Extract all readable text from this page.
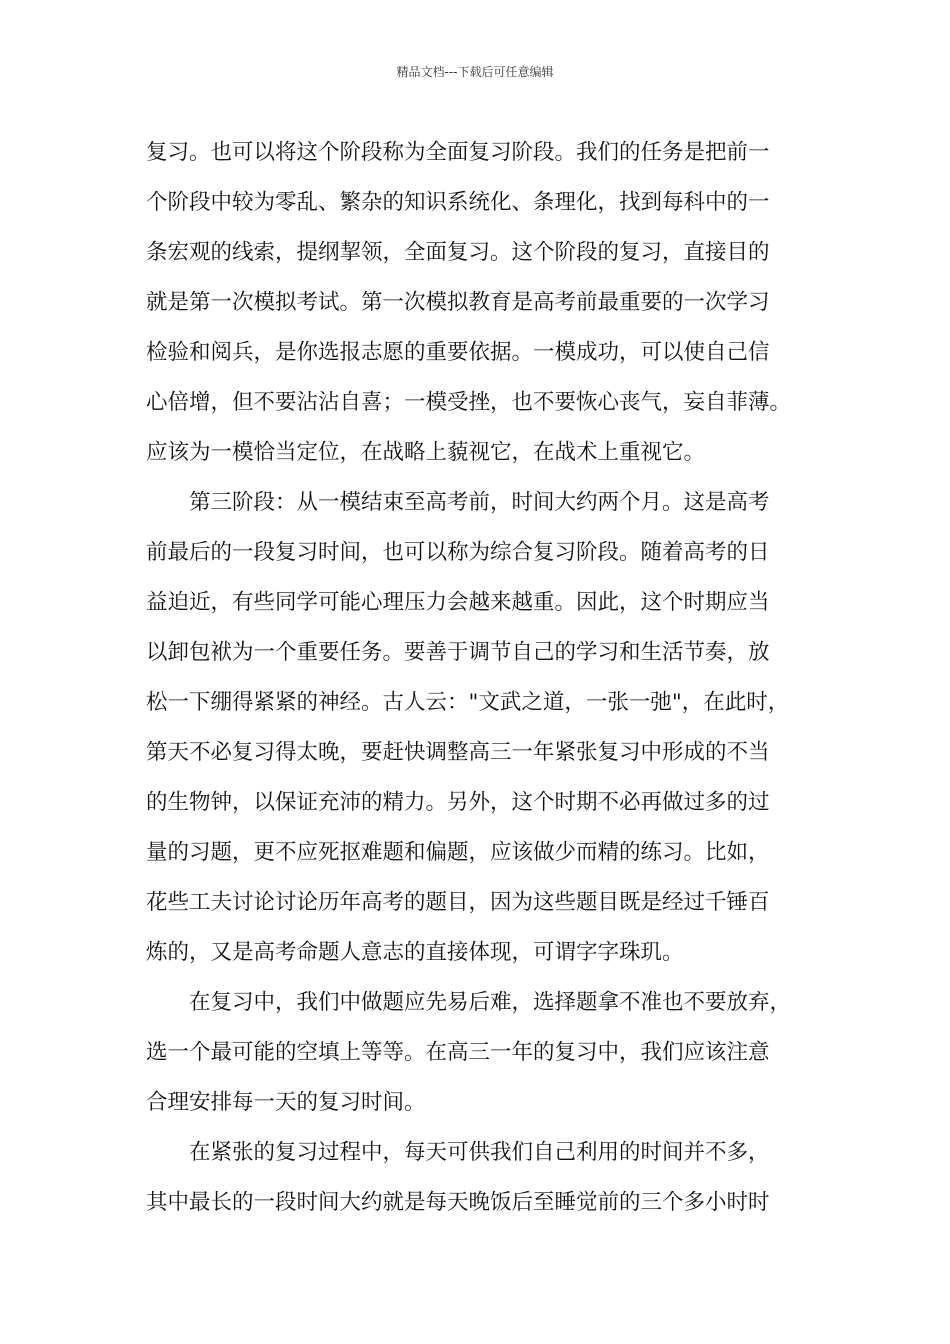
精品文档---下载后可任意编辑
复习。也可以将这个阶段称为全面复习阶段。我们的任务是把前一
个阶段中较为零乱、繁杂的知识系统化、条理化，找到每科中的一
条宏观的线索，提纲挈领，全面复习。这个阶段的复习，直接目的
就是第一次模拟考试。第一次模拟教育是高考前最重要的一次学习
检验和阅兵，是你选报志愿的重要依据。一模成功，可以使自己信
心倍增，但不要沾沾自喜；一模受挫，也不要恢心丧气，妄自菲薄。
应该为一模恰当定位，在战略上藐视它，在战术上重视它。
第三阶段：从一模结束至高考前，时间大约两个月。这是高考
前最后的一段复习时间，也可以称为综合复习阶段。随着高考的日
益迫近，有些同学可能心理压力会越来越重。因此，这个时期应当
以卸包袱为一个重要任务。要善于调节自己的学习和生活节奏，放
松一下绷得紧紧的神经。古人云："文武之道，一张一弛"，在此时，
第天不必复习得太晚，要赶快调整高三一年紧张复习中形成的不当
的生物钟，以保证充沛的精力。另外，这个时期不必再做过多的过
量的习题，更不应死抠难题和偏题，应该做少而精的练习。比如，
花些工夫讨论讨论历年高考的题目，因为这些题目既是经过千锤百
炼的，又是高考命题人意志的直接体现，可谓字字珠玑。
在复习中，我们中做题应先易后难，选择题拿不准也不要放弃，
选一个最可能的空填上等等。在高三一年的复习中，我们应该注意
合理安排每一天的复习时间。
在紧张的复习过程中，每天可供我们自己利用的时间并不多，
其中最长的一段时间大约就是每天晚饭后至睡觉前的三个多小时时
